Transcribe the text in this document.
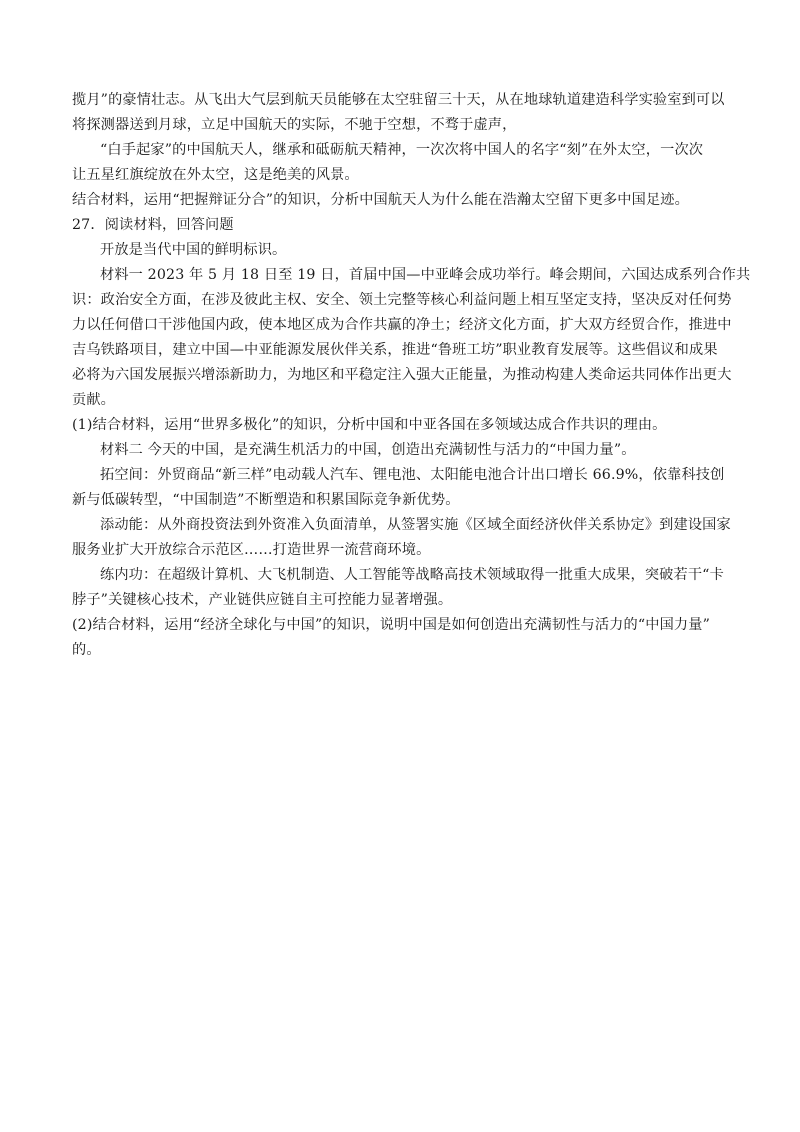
揽月”的豪情壮志。从飞出大气层到航天员能够在太空驻留三十天，从在地球轨道建造科学实验室到可以
将探测器送到月球，立足中国航天的实际，不驰于空想，不骛于虚声，
“白手起家”的中国航天人，继承和砥砺航天精神，一次次将中国人的名字“刻”在外太空，一次次
让五星红旗绽放在外太空，这是绝美的风景。
结合材料，运用“把握辩证分合”的知识，分析中国航天人为什么能在浩瀚太空留下更多中国足迹。
27．阅读材料，回答问题
开放是当代中国的鲜明标识。
材料一 2023 年 5 月 18 日至 19 日，首届中国—中亚峰会成功举行。峰会期间，六国达成系列合作共
识：政治安全方面，在涉及彼此主权、安全、领土完整等核心利益问题上相互坚定支持，坚决反对任何势
力以任何借口干涉他国内政，使本地区成为合作共赢的净土；经济文化方面，扩大双方经贸合作，推进中
吉乌铁路项目，建立中国—中亚能源发展伙伴关系，推进“鲁班工坊”职业教育发展等。这些倡议和成果
必将为六国发展振兴增添新助力，为地区和平稳定注入强大正能量，为推动构建人类命运共同体作出更大
贡献。
(1)结合材料，运用“世界多极化”的知识，分析中国和中亚各国在多领域达成合作共识的理由。
材料二 今天的中国，是充满生机活力的中国，创造出充满韧性与活力的“中国力量”。
拓空间：外贸商品“新三样”电动载人汽车、锂电池、太阳能电池合计出口增长 66.9%，依靠科技创
新与低碳转型，“中国制造”不断塑造和积累国际竞争新优势。
添动能：从外商投资法到外资准入负面清单，从签署实施《区域全面经济伙伴关系协定》到建设国家
服务业扩大开放综合示范区……打造世界一流营商环境。
练内功：在超级计算机、大飞机制造、人工智能等战略高技术领域取得一批重大成果，突破若干“卡
脖子”关键核心技术，产业链供应链自主可控能力显著增强。
(2)结合材料，运用“经济全球化与中国”的知识，说明中国是如何创造出充满韧性与活力的“中国力量”
的。
